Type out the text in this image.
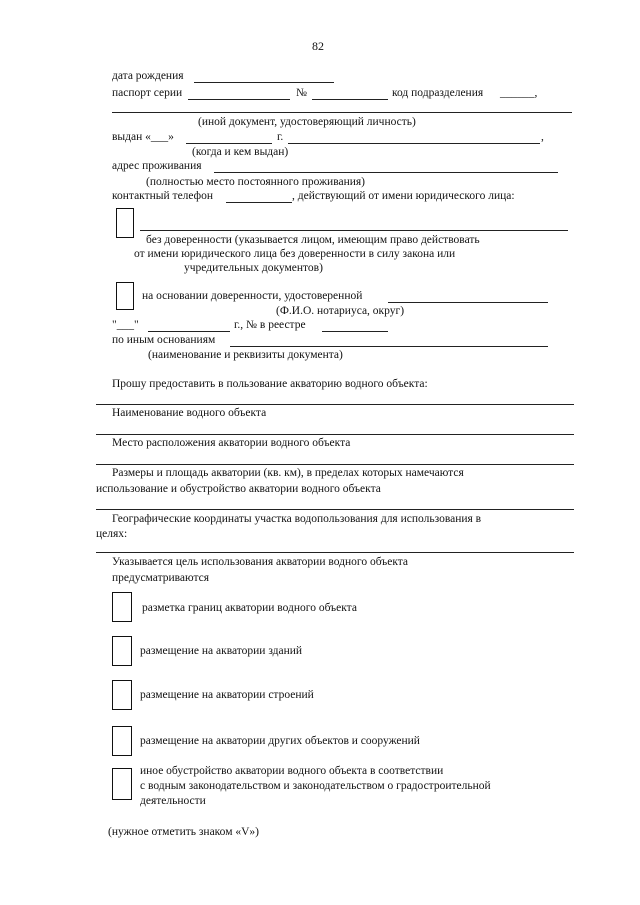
82
дата рождения
паспорт серии	№	код подразделения ______,
(иной документ, удостоверяющий личность)
выдан «___»	г.	,
(когда и кем выдан)
адрес проживания
(полностью место постоянного проживания)
контактный телефон	, действующий от имени юридического лица:
без доверенности (указывается лицом, имеющим право действовать
от имени юридического лица без доверенности в силу закона или
учредительных документов)
на основании доверенности, удостоверенной
(Ф.И.О. нотариуса, округ)
"___"	г., № в реестре
по иным основаниям
(наименование и реквизиты документа)
Прошу предоставить в пользование акваторию водного объекта:
Наименование водного объекта
Место расположения акватории водного объекта
Размеры и площадь акватории (кв. км), в пределах которых намечаются
использование и обустройство акватории водного объекта
Географические координаты участка водопользования для использования в
целях:
Указывается цель использования акватории водного объекта
предусматриваются
разметка границ акватории водного объекта
размещение на акватории зданий
размещение на акватории строений
размещение на акватории других объектов и сооружений
иное обустройство акватории водного объекта в соответствии
с водным законодательством и законодательством о градостроительной
деятельности
(нужное отметить знаком «V»)
